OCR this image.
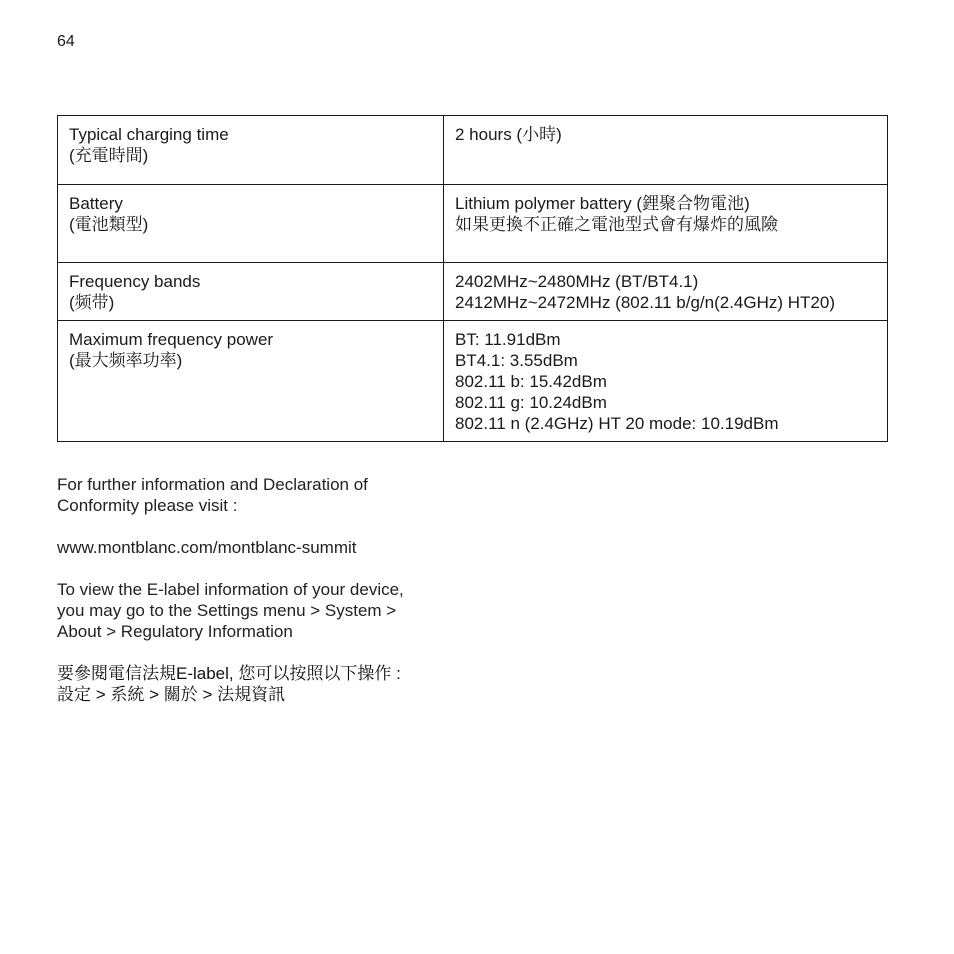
64
Typical charging time
(充電時間)	2 hours (小時)

Battery
(電池類型)	Lithium polymer battery (鋰聚合物電池)
如果更換不正確之電池型式會有爆炸的風險

Frequency bands
(频带)	2402MHz~2480MHz (BT/BT4.1)
2412MHz~2472MHz (802.11 b/g/n(2.4GHz) HT20)

Maximum frequency power
(最大频率功率)	BT: 11.91dBm
BT4.1: 3.55dBm
802.11 b: 15.42dBm
802.11 g: 10.24dBm
802.11 n (2.4GHz) HT 20 mode: 10.19dBm

For further information and Declaration of
Conformity please visit :

www.montblanc.com/montblanc-summit

To view the E-label information of your device,
you may go to the Settings menu > System >
About > Regulatory Information

要參閱電信法規E-label, 您可以按照以下操作 :
設定 > 系統 > 關於 > 法規資訊
